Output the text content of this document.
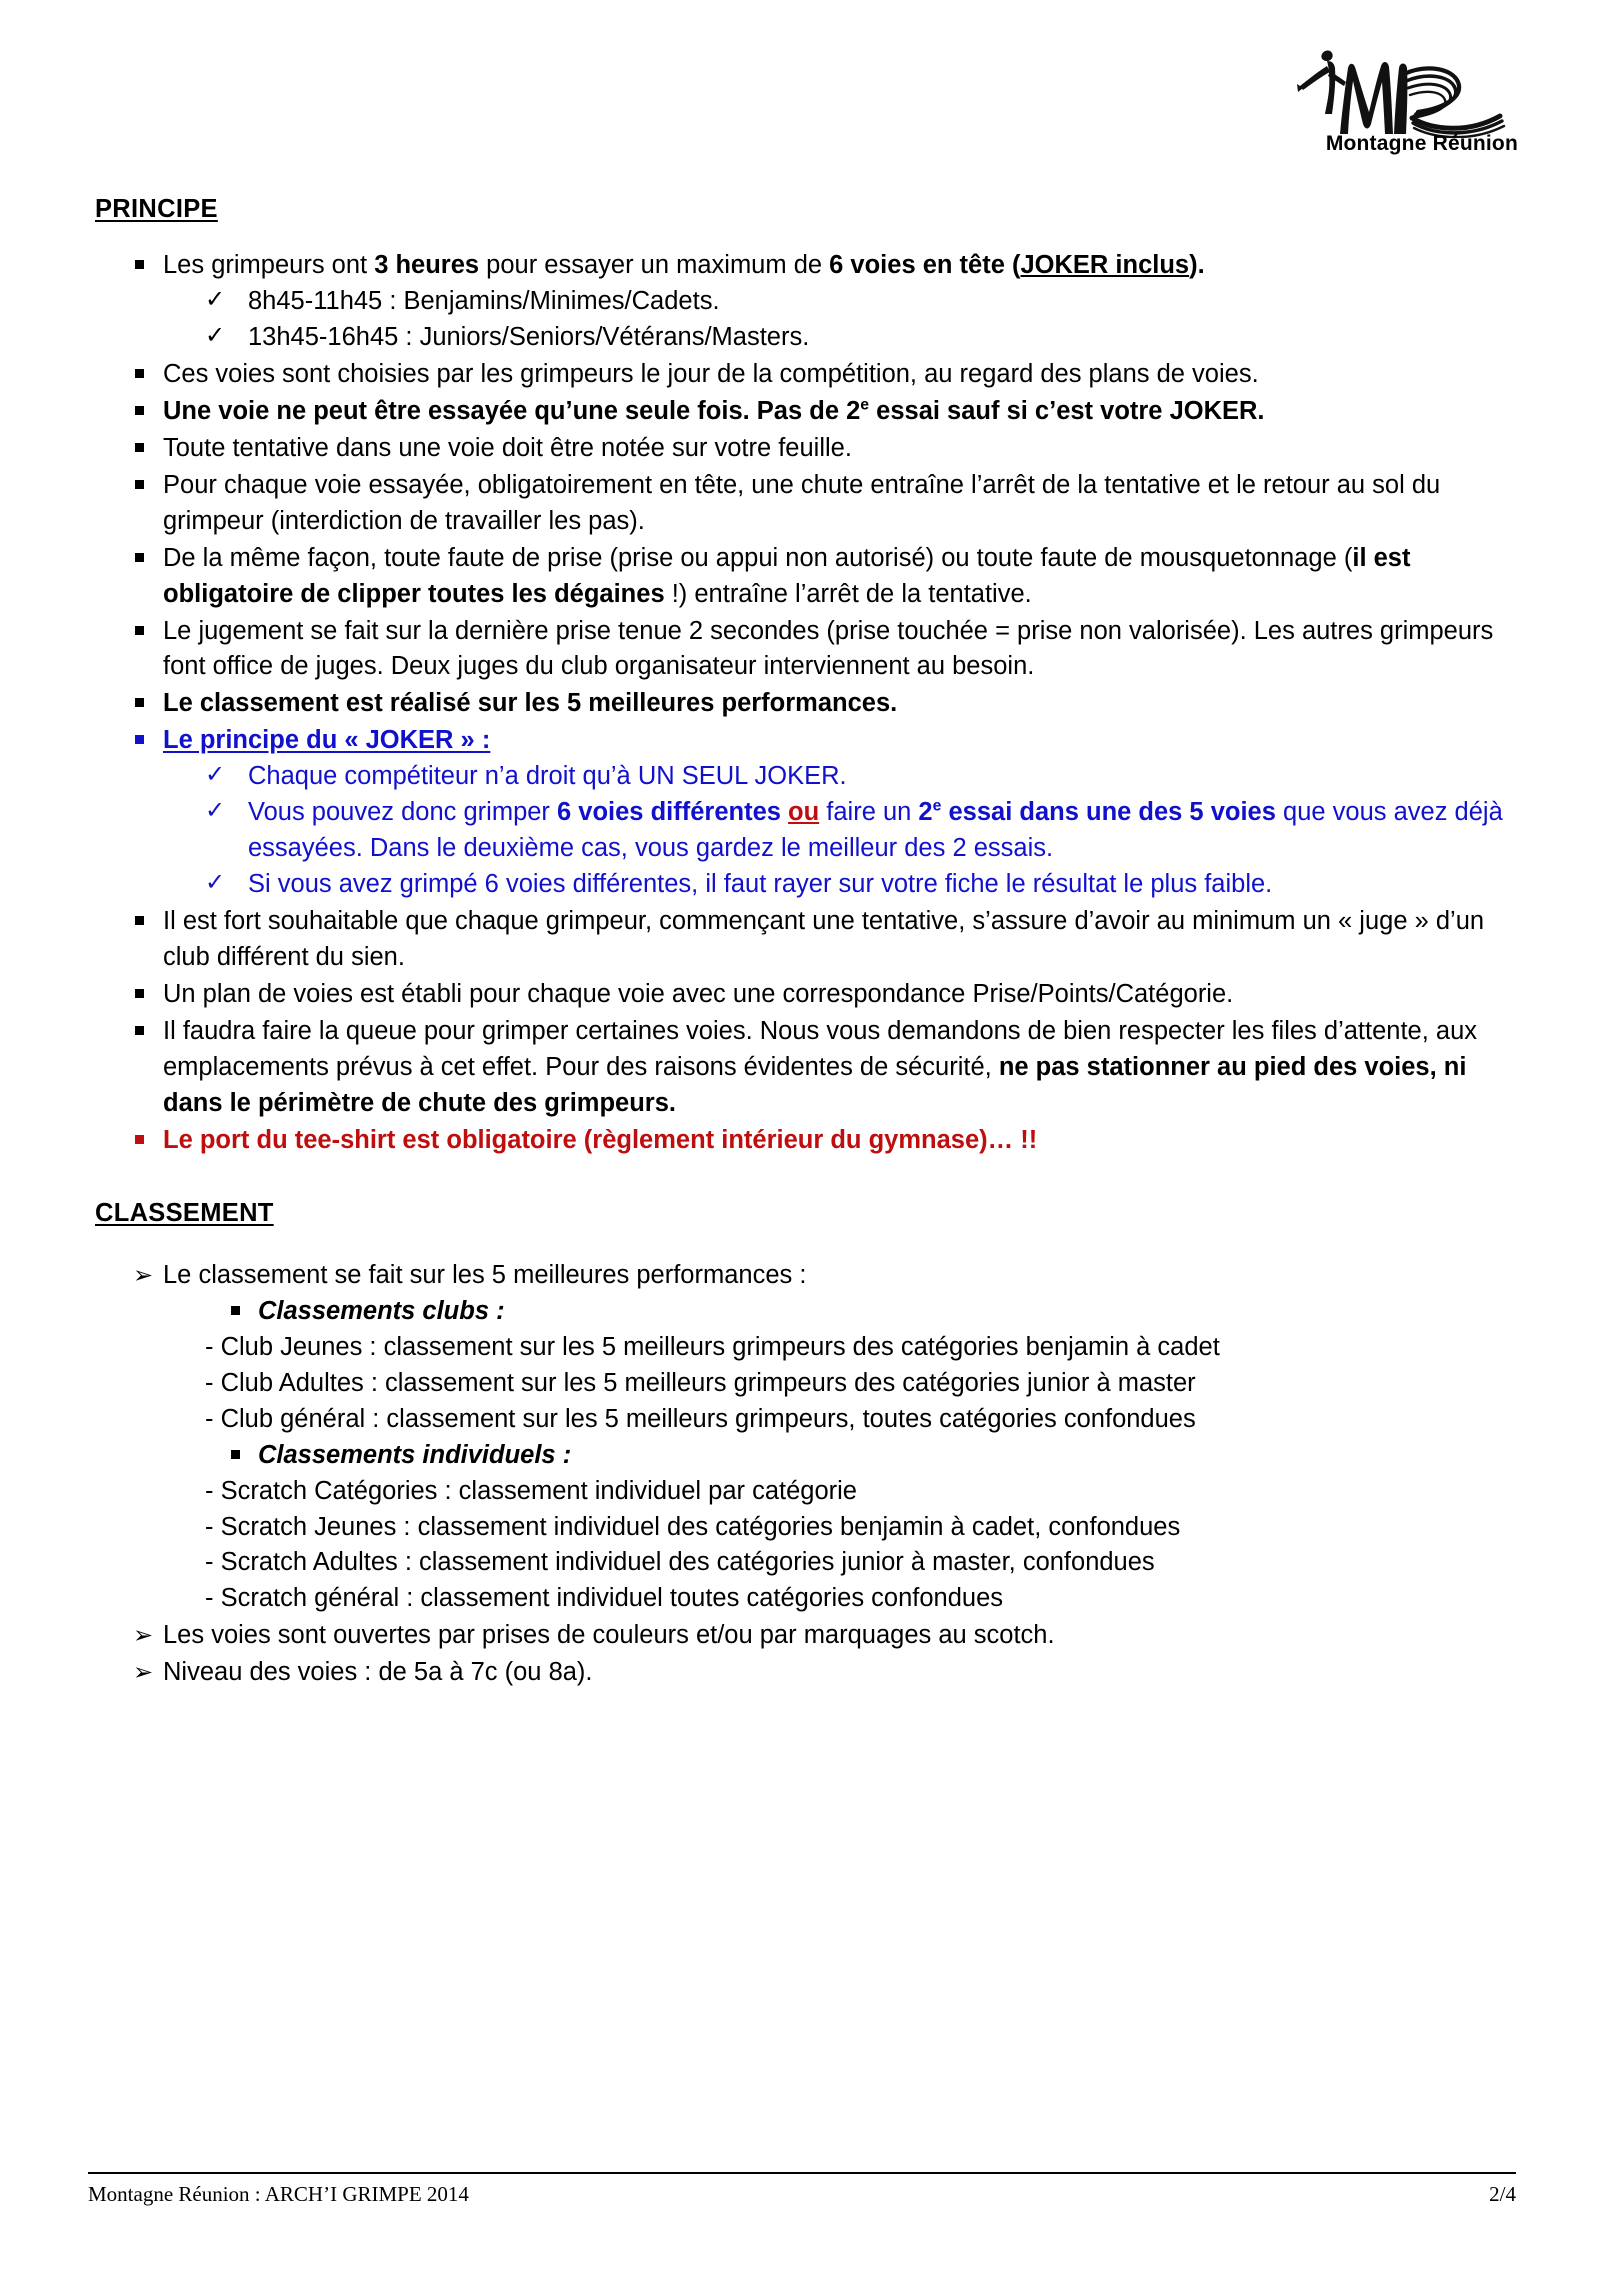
Montagne Réunion
PRINCIPE
Les grimpeurs ont 3 heures pour essayer un maximum de 6 voies en tête (JOKER inclus).
✓ 8h45-11h45 : Benjamins/Minimes/Cadets.
✓ 13h45-16h45 : Juniors/Seniors/Vétérans/Masters.
Ces voies sont choisies par les grimpeurs le jour de la compétition, au regard des plans de voies.
Une voie ne peut être essayée qu’une seule fois. Pas de 2e essai sauf si c’est votre JOKER.
Toute tentative dans une voie doit être notée sur votre feuille.
Pour chaque voie essayée, obligatoirement en tête, une chute entraîne l’arrêt de la tentative et le retour au sol du grimpeur (interdiction de travailler les pas).
De la même façon, toute faute de prise (prise ou appui non autorisé) ou toute faute de mousquetonnage (il est obligatoire de clipper toutes les dégaines !) entraîne l’arrêt de la tentative.
Le jugement se fait sur la dernière prise tenue 2 secondes (prise touchée = prise non valorisée). Les autres grimpeurs font office de juges. Deux juges du club organisateur interviennent au besoin.
Le classement est réalisé sur les 5 meilleures performances.
Le principe du « JOKER » :
✓ Chaque compétiteur n’a droit qu’à UN SEUL JOKER.
✓ Vous pouvez donc grimper 6 voies différentes ou faire un 2e essai dans une des 5 voies que vous avez déjà essayées. Dans le deuxième cas, vous gardez le meilleur des 2 essais.
✓ Si vous avez grimpé 6 voies différentes, il faut rayer sur votre fiche le résultat le plus faible.
Il est fort souhaitable que chaque grimpeur, commençant une tentative, s’assure d’avoir au minimum un « juge » d’un club différent du sien.
Un plan de voies est établi pour chaque voie avec une correspondance Prise/Points/Catégorie.
Il faudra faire la queue pour grimper certaines voies. Nous vous demandons de bien respecter les files d’attente, aux emplacements prévus à cet effet. Pour des raisons évidentes de sécurité, ne pas stationner au pied des voies, ni dans le périmètre de chute des grimpeurs.
Le port du tee-shirt est obligatoire (règlement intérieur du gymnase)… !!
CLASSEMENT
➢ Le classement se fait sur les 5 meilleures performances :
Classements clubs :
- Club Jeunes : classement sur les 5 meilleurs grimpeurs des catégories benjamin à cadet
- Club Adultes : classement sur les 5 meilleurs grimpeurs des catégories junior à master
- Club général : classement sur les 5 meilleurs grimpeurs, toutes catégories confondues
Classements individuels :
- Scratch Catégories : classement individuel par catégorie
- Scratch Jeunes : classement individuel des catégories benjamin à cadet, confondues
- Scratch Adultes : classement individuel des catégories junior à master, confondues
- Scratch général : classement individuel toutes catégories confondues
➢ Les voies sont ouvertes par prises de couleurs et/ou par marquages au scotch.
➢ Niveau des voies : de 5a à 7c (ou 8a).
Montagne Réunion : ARCH’I GRIMPE 2014	2/4
